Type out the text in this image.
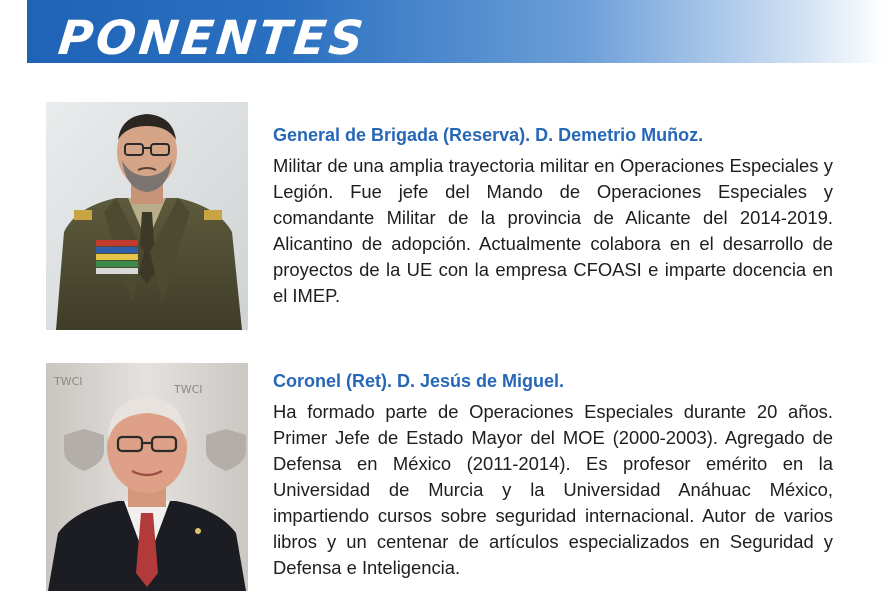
PONENTES
General de Brigada (Reserva). D. Demetrio Muñoz.

Militar de una amplia trayectoria militar en Operaciones Especiales y Legión. Fue jefe del Mando de Operaciones Especiales y comandante Militar de la provincia de Alicante del 2014-2019. Alicantino de adopción. Actualmente colabora en el desarrollo de proyectos de la UE con la empresa CFOASI e imparte docencia en el IMEP.

TWCI
TWCI	Coronel (Ret). D. Jesús de Miguel.

Ha formado parte de Operaciones Especiales durante 20 años. Primer Jefe de Estado Mayor del MOE (2000-2003). Agregado de Defensa en México (2011-2014). Es profesor emérito en la Universidad de Murcia y la Universidad Anáhuac México, impartiendo cursos sobre seguridad internacional. Autor de varios libros y un centenar de artículos especializados en Seguridad y Defensa e Inteligencia.
